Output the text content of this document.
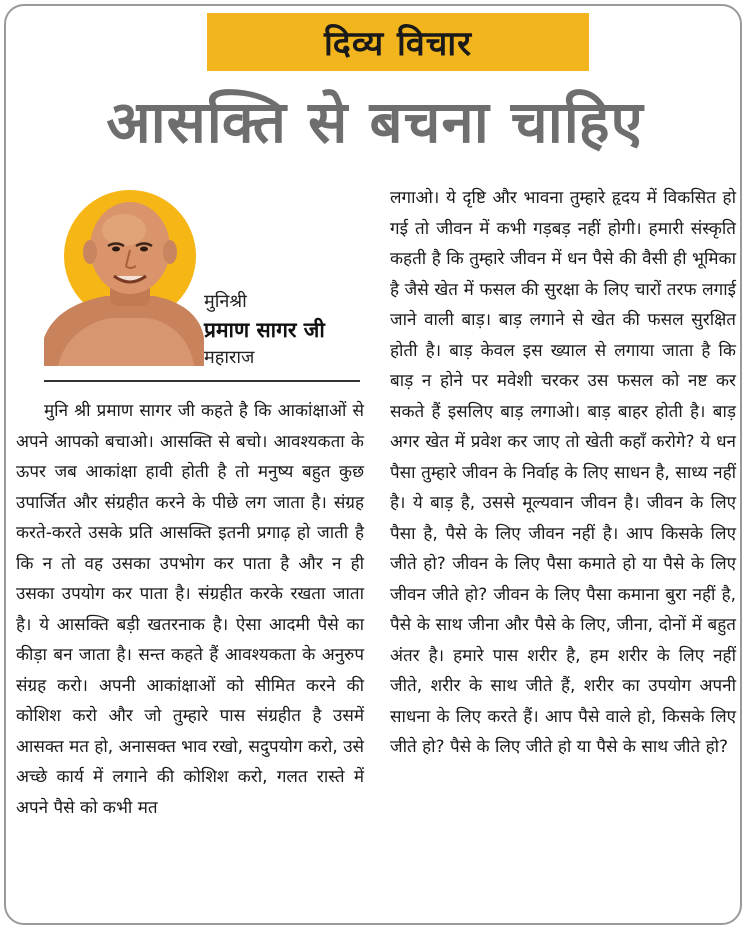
दिव्य विचार
आसक्ति से बचना चाहिए
मुनिश्री
प्रमाण सागर जी
महाराज

मुनि श्री प्रमाण सागर जी कहते है कि आकांक्षाओं से अपने आपको बचाओ। आसक्ति से बचो। आवश्यकता के ऊपर जब आकांक्षा हावी होती है तो मनुष्य बहुत कुछ उपार्जित और संग्रहीत करने के पीछे लग जाता है। संग्रह करते-करते उसके प्रति आसक्ति इतनी प्रगाढ़ हो जाती है कि न तो वह उसका उपभोग कर पाता है और न ही उसका उपयोग कर पाता है। संग्रहीत करके रखता जाता है। ये आसक्ति बड़ी खतरनाक है। ऐसा आदमी पैसे का कीड़ा बन जाता है। सन्त कहते हैं आवश्यकता के अनुरुप संग्रह करो। अपनी आकांक्षाओं को सीमित करने की कोशिश करो और जो तुम्हारे पास संग्रहीत है उसमें आसक्त मत हो, अनासक्त भाव रखो, सदुपयोग करो, उसे अच्छे कार्य में लगाने की कोशिश करो, गलत रास्ते में अपने पैसे को कभी मत

लगाओ। ये दृष्टि और भावना तुम्हारे हृदय में विकसित हो गई तो जीवन में कभी गड़बड़ नहीं होगी। हमारी संस्कृति कहती है कि तुम्हारे जीवन में धन पैसे की वैसी ही भूमिका है जैसे खेत में फसल की सुरक्षा के लिए चारों तरफ लगाई जाने वाली बाड़। बाड़ लगाने से खेत की फसल सुरक्षित होती है। बाड़ केवल इस ख्याल से लगाया जाता है कि बाड़ न होने पर मवेशी चरकर उस फसल को नष्ट कर सकते हैं इसलिए बाड़ लगाओ। बाड़ बाहर होती है। बाड़ अगर खेत में प्रवेश कर जाए तो खेती कहाँ करोगे? ये धन पैसा तुम्हारे जीवन के निर्वाह के लिए साधन है, साध्य नहीं है। ये बाड़ है, उससे मूल्यवान जीवन है। जीवन के लिए पैसा है, पैसे के लिए जीवन नहीं है। आप किसके लिए जीते हो? जीवन के लिए पैसा कमाते हो या पैसे के लिए जीवन जीते हो? जीवन के लिए पैसा कमाना बुरा नहीं है, पैसे के साथ जीना और पैसे के लिए, जीना, दोनों में बहुत अंतर है। हमारे पास शरीर है, हम शरीर के लिए नहीं जीते, शरीर के साथ जीते हैं, शरीर का उपयोग अपनी साधना के लिए करते हैं। आप पैसे वाले हो, किसके लिए जीते हो? पैसे के लिए जीते हो या पैसे के साथ जीते हो?
